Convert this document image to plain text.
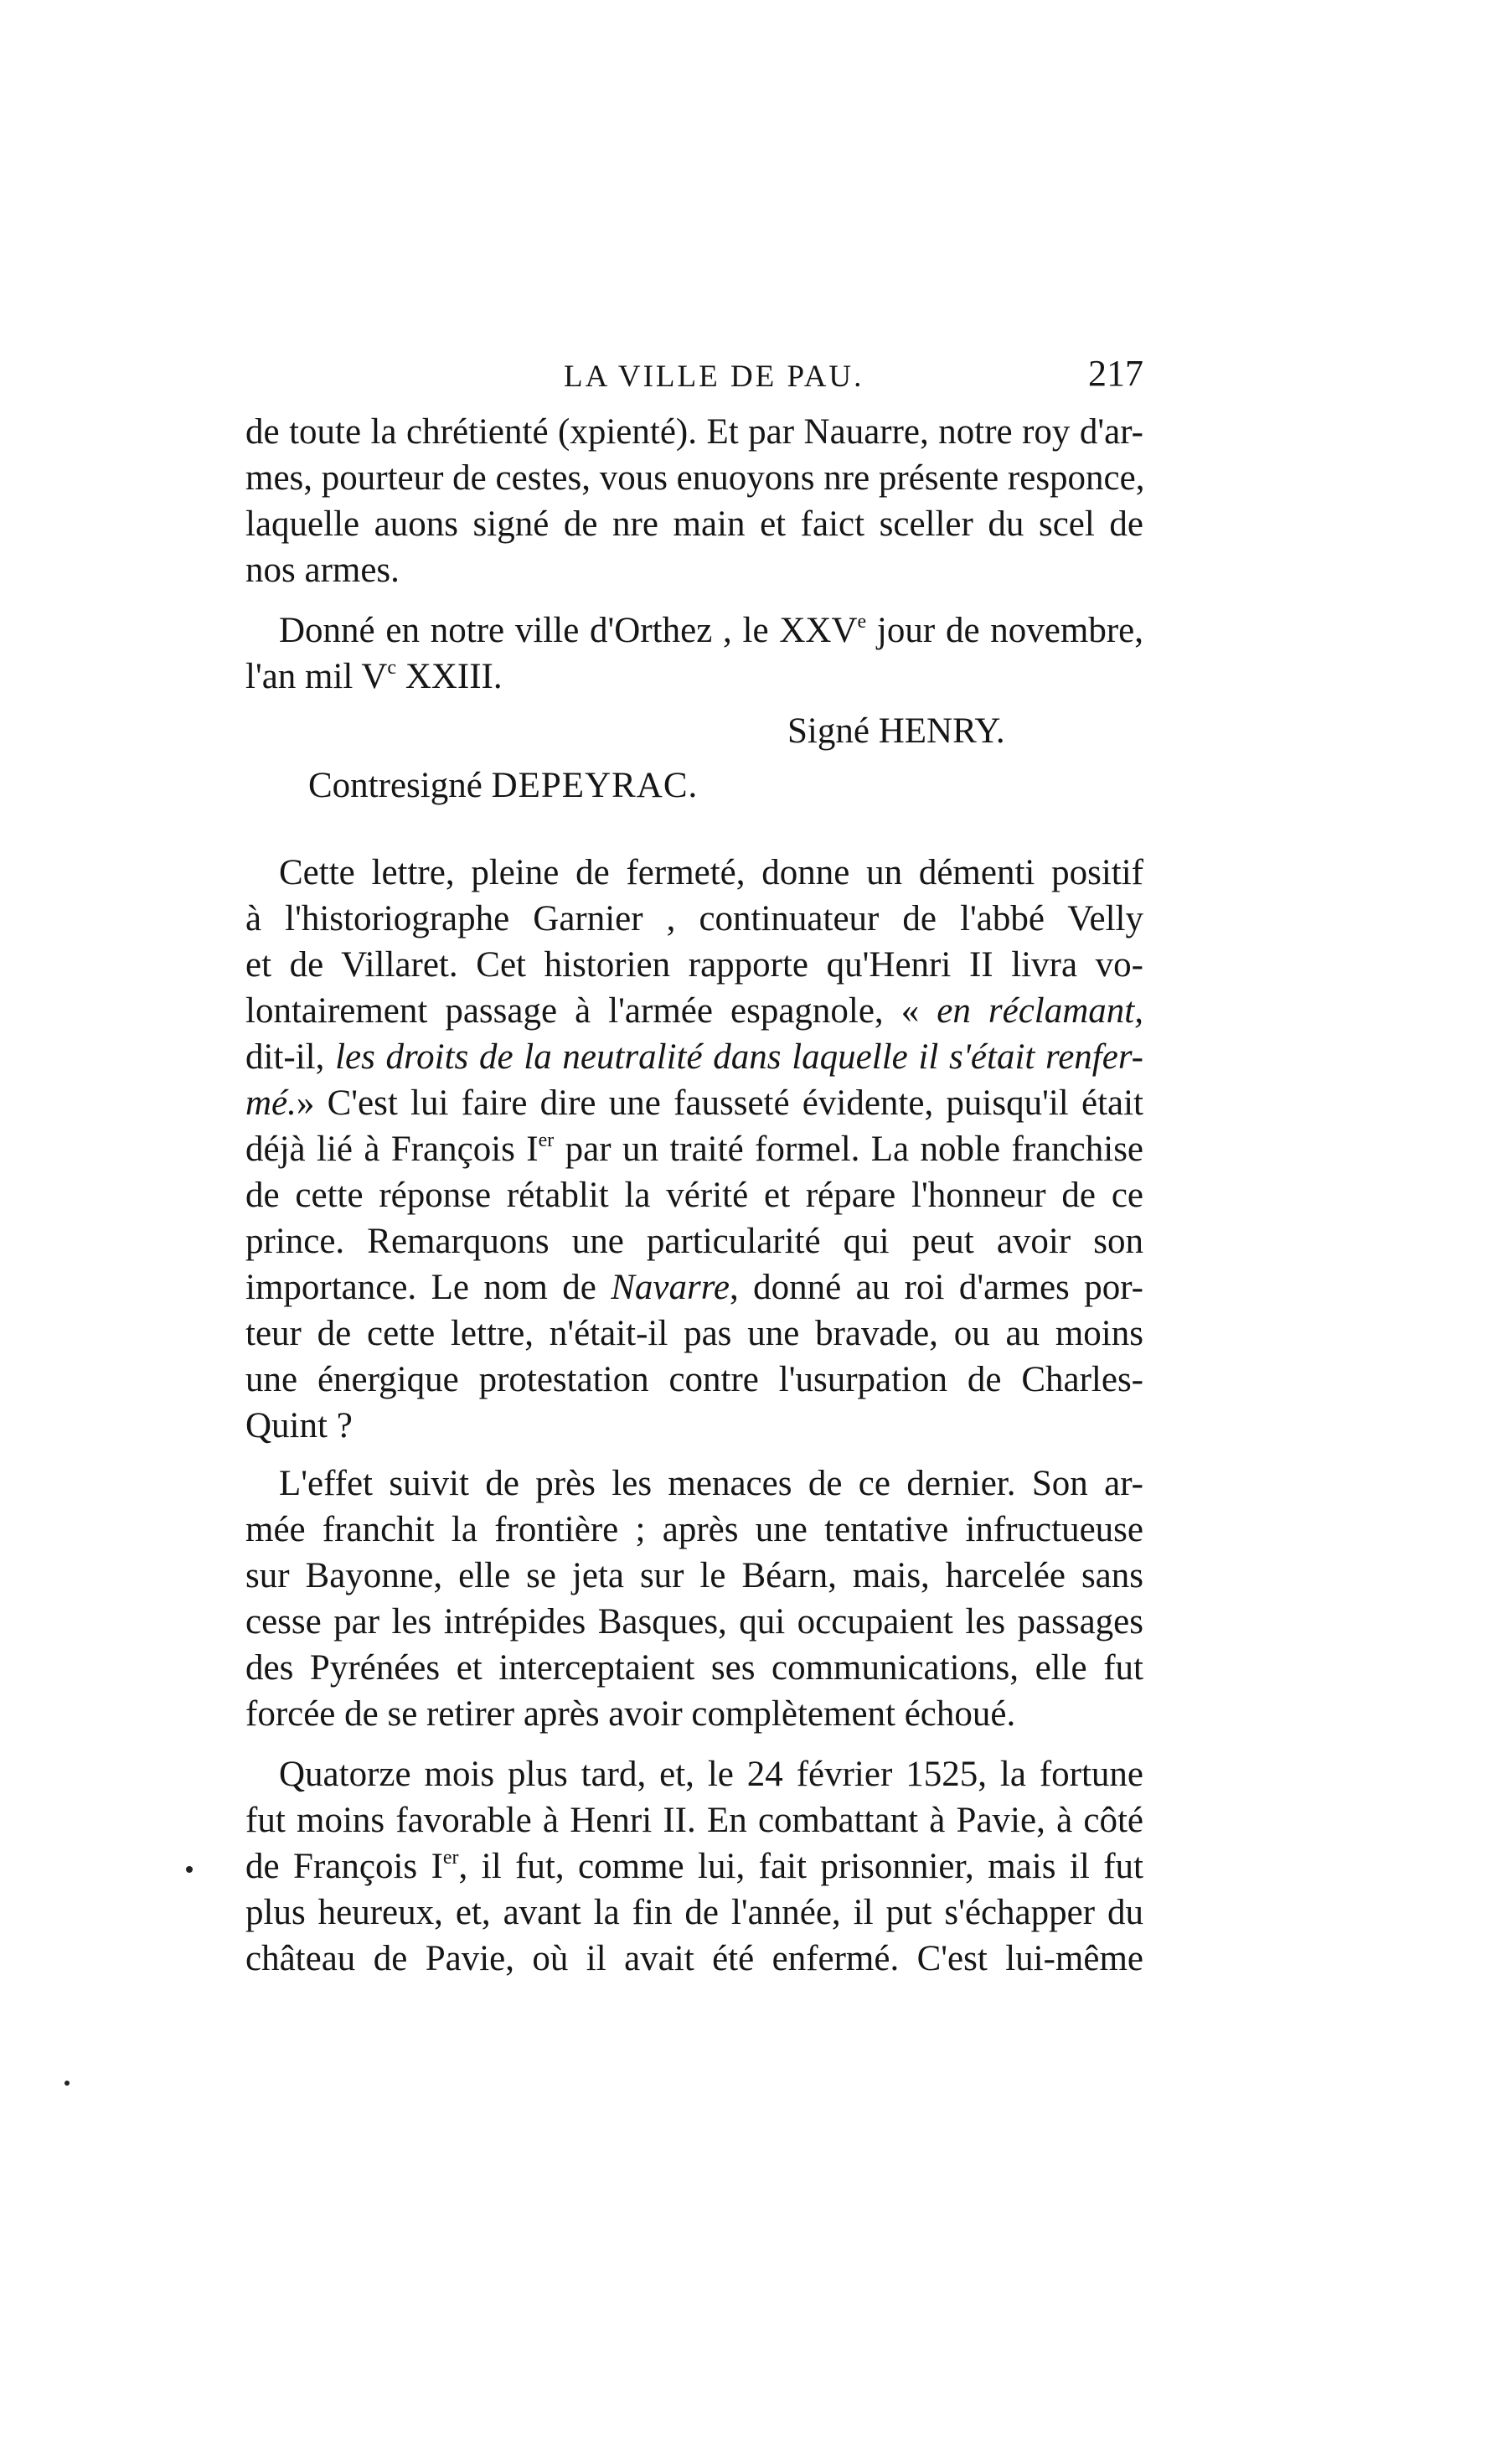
LA VILLE DE PAU.	217
de toute la chrétienté (xpienté). Et par Nauarre, notre roy d'ar-
mes, pourteur de cestes, vous enuoyons nre présente responce,
laquelle auons signé de nre main et faict sceller du scel de
nos armes.
Donné en notre ville d'Orthez , le XXVe jour de novembre,
l'an mil $V^c$ XXIII.
Signé HENRY.
Contresigné DEPEYRAC.
Cette lettre, pleine de fermeté, donne un démenti positif
à l'historiographe Garnier , continuateur de l'abbé Velly
et de Villaret. Cet historien rapporte qu'Henri II livra vo-
lontairement passage à l'armée espagnole, « en réclamant,
dit-il, les droits de la neutralité dans laquelle il s'était renfer-
mé.» C'est lui faire dire une fausseté évidente, puisqu'il était
déjà lié à François Ier par un traité formel. La noble franchise
de cette réponse rétablit la vérité et répare l'honneur de ce
prince. Remarquons une particularité qui peut avoir son
importance. Le nom de Navarre, donné au roi d'armes por-
teur de cette lettre, n'était-il pas une bravade, ou au moins
une énergique protestation contre l'usurpation de Charles-
Quint ?
L'effet suivit de près les menaces de ce dernier. Son ar-
mée franchit la frontière ; après une tentative infructueuse
sur Bayonne, elle se jeta sur le Béarn, mais, harcelée sans
cesse par les intrépides Basques, qui occupaient les passages
des Pyrénées et interceptaient ses communications, elle fut
forcée de se retirer après avoir complètement échoué.
Quatorze mois plus tard, et, le 24 février 1525, la fortune
fut moins favorable à Henri II. En combattant à Pavie, à côté
de François Ier, il fut, comme lui, fait prisonnier, mais il fut
plus heureux, et, avant la fin de l'année, il put s'échapper du
château de Pavie, où il avait été enfermé. C'est lui-même
